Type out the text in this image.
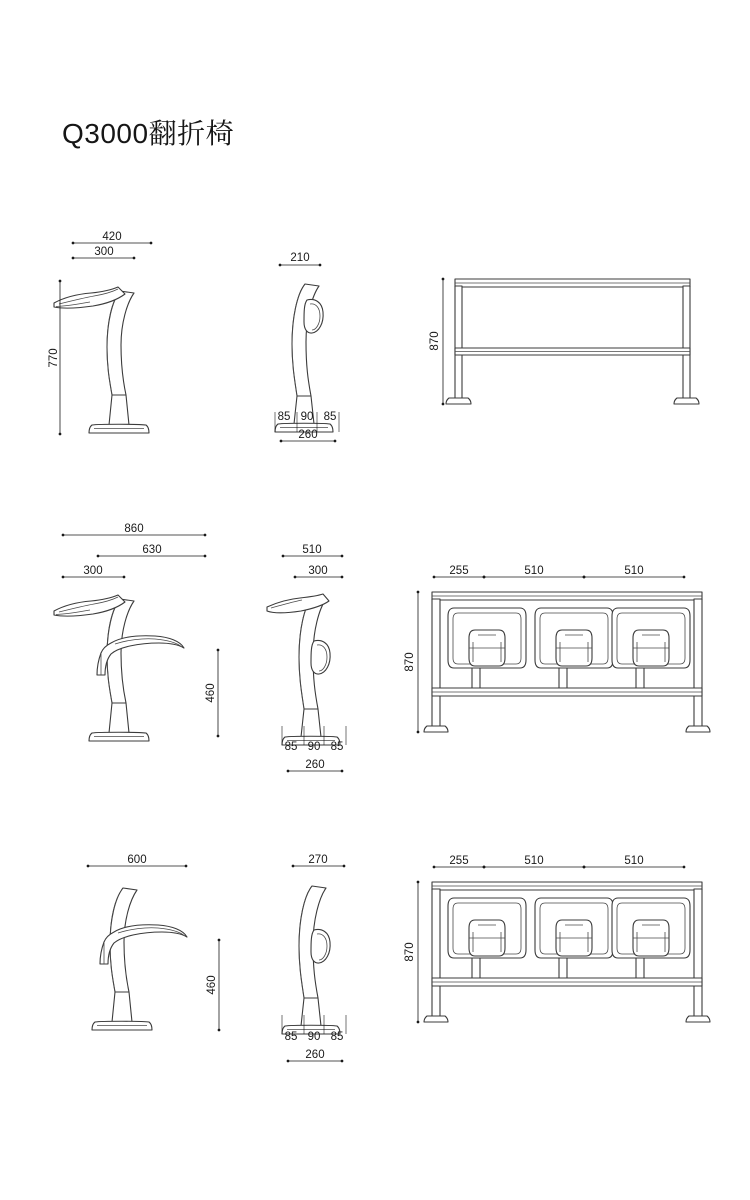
Q3000翻折椅
420
300
770
210
85 90 85
260
870
860
630
300
460
510
300
85 90 85
260
255	510	510
870
600
460
270
85 90 85
260
255	510	510
870
